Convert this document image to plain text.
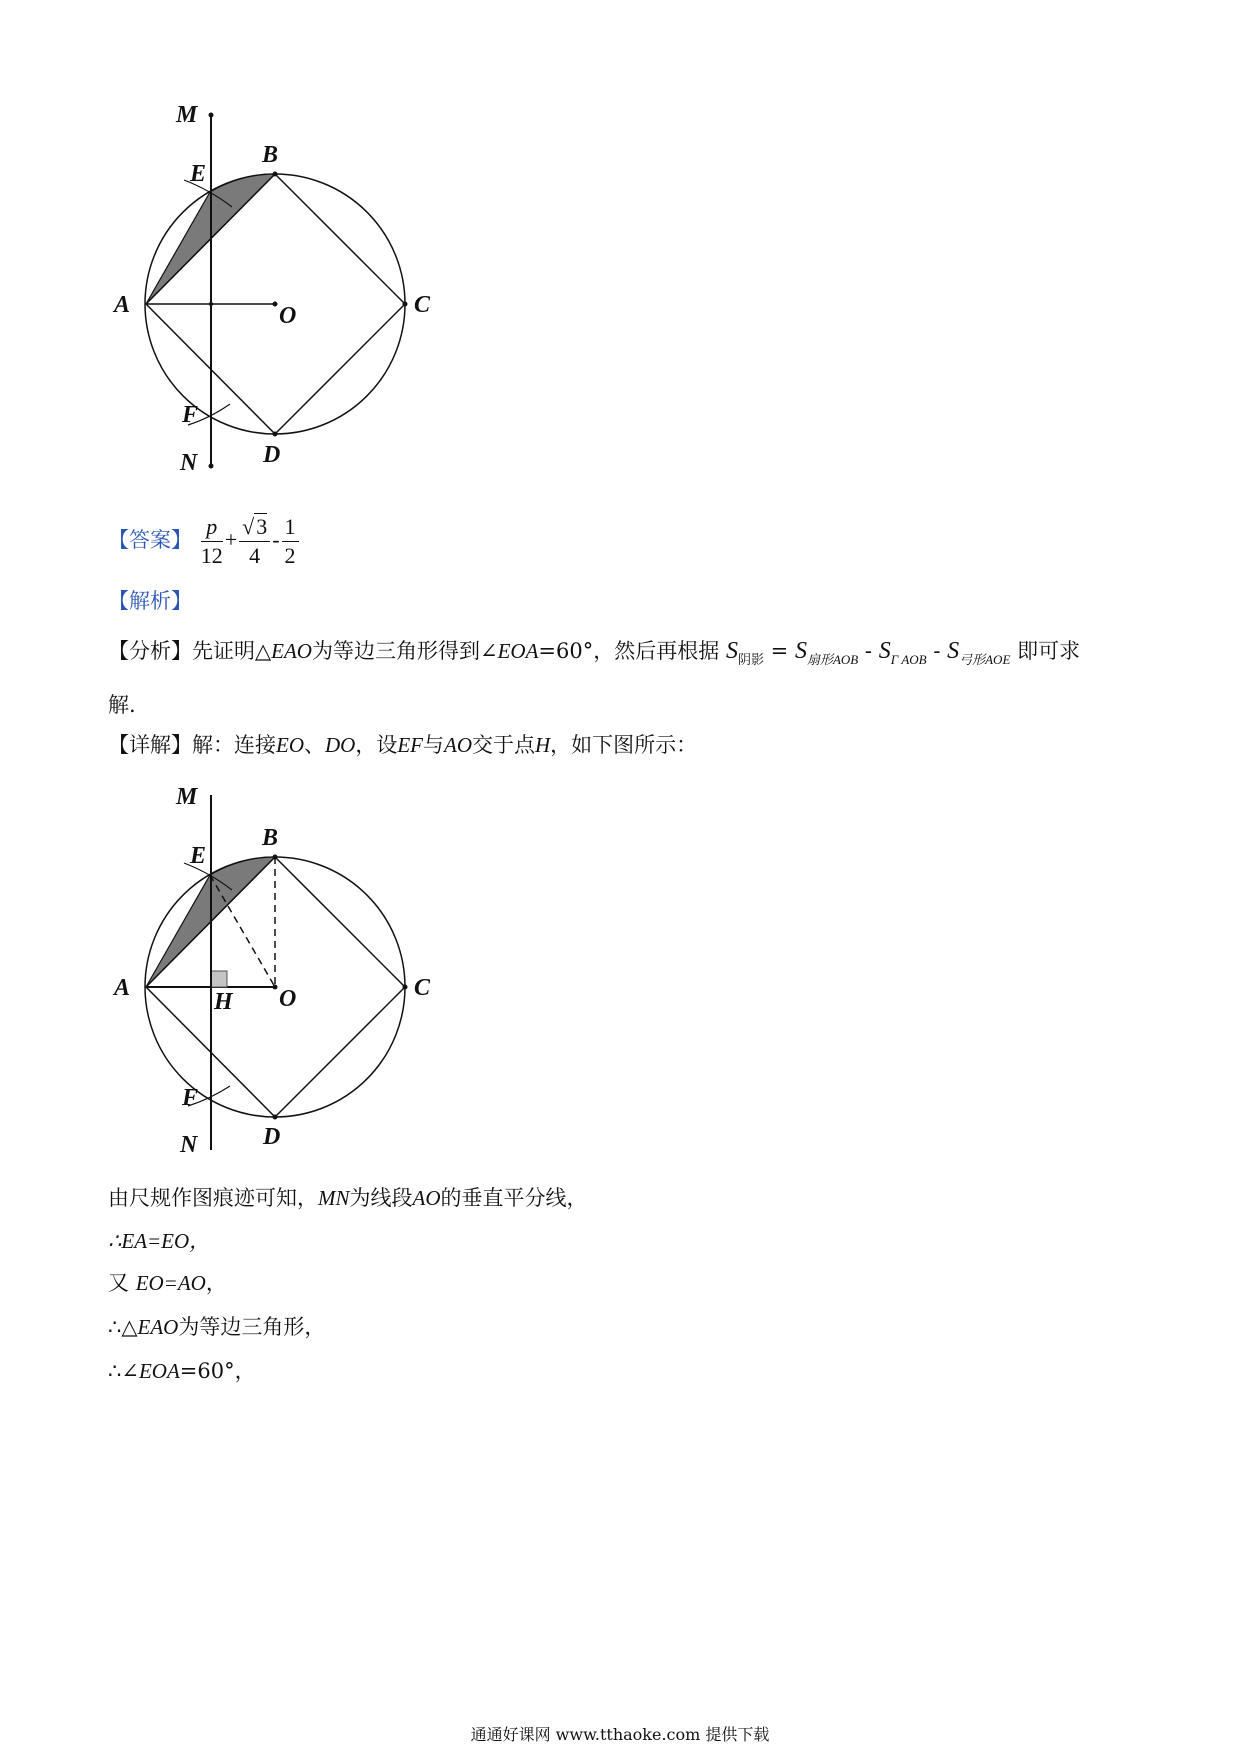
M
E
B
A	O	C
F
N	D
【答案】 $\frac{p}{12} + \frac{√3}{4} - \frac{1}{2}$
【解析】
【分析】先证明△EAO为等边三角形得到∠EOA=60°，然后再根据 $S_{阴影} = S_{扇形AOB} - S_{\Gamma AOB} - S_{弓形AOE}$ 即可求
解.
【详解】解：连接EO、DO，设EF与AO交于点H，如下图所示：
M
E
B
A
H O	C
F
N	D
由尺规作图痕迹可知，MN为线段AO的垂直平分线，
∴EA=EO，
又 EO=AO，
∴△EAO为等边三角形，
∴∠EOA=60°，
通通好课网 www.tthaoke.com 提供下载
